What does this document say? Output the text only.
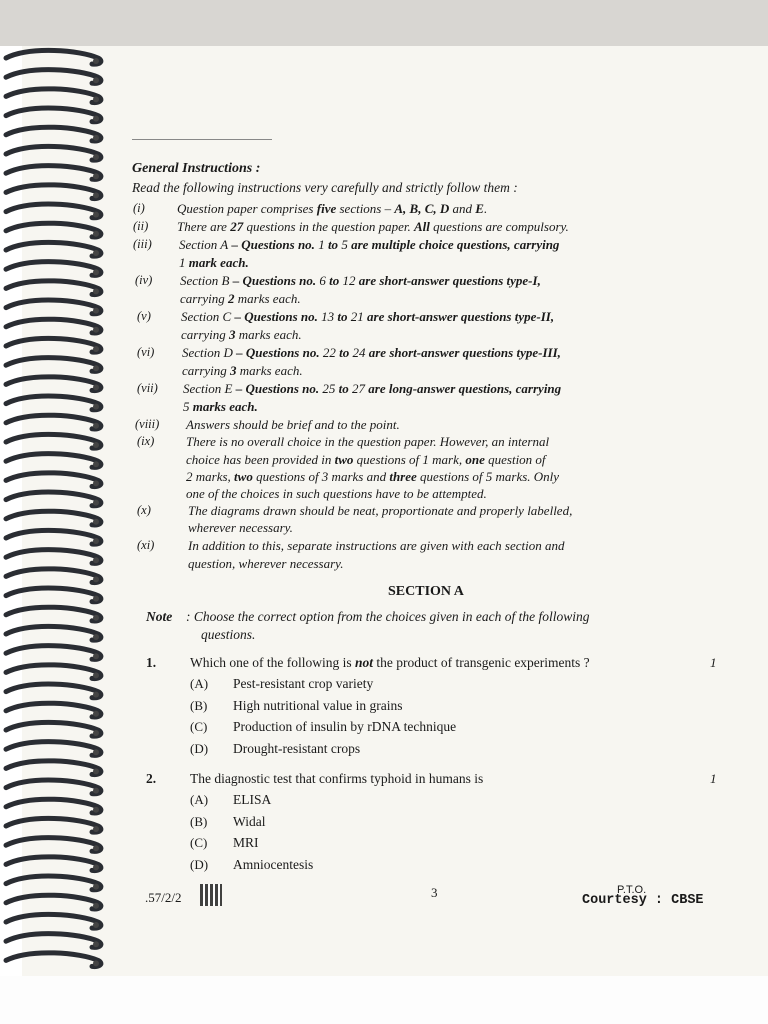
General Instructions :
Read the following instructions very carefully and strictly follow them :
(i) Question paper comprises five sections – A, B, C, D and E.
(ii) There are 27 questions in the question paper. All questions are compulsory.
(iii) Section A – Questions no. 1 to 5 are multiple choice questions, carrying
1 mark each.
(iv) Section B – Questions no. 6 to 12 are short-answer questions type-I,
carrying 2 marks each.
(v) Section C – Questions no. 13 to 21 are short-answer questions type-II,
carrying 3 marks each.
(vi) Section D – Questions no. 22 to 24 are short-answer questions type-III,
carrying 3 marks each.
(vii) Section E – Questions no. 25 to 27 are long-answer questions, carrying
5 marks each.
(viii) Answers should be brief and to the point.
(ix) There is no overall choice in the question paper. However, an internal
choice has been provided in two questions of 1 mark, one question of
2 marks, two questions of 3 marks and three questions of 5 marks. Only
one of the choices in such questions have to be attempted.
(x)	The diagrams drawn should be neat, proportionate and properly labelled,
wherever necessary.
(xi)	In addition to this, separate instructions are given with each section and
question, wherever necessary.
SECTION A
Note : Choose the correct option from the choices given in each of the following
questions.
1.	Which one of the following is not the product of transgenic experiments ?	1
(A) Pest-resistant crop variety
(B) High nutritional value in grains
(C) Production of insulin by rDNA technique
(D) Drought-resistant crops
2.	The diagnostic test that confirms typhoid in humans is	1
(A) ELISA
(B) Widal
(C) MRI
(D) Amniocentesis
.57/2/2	3	P.T.O.
Courtesy : CBSE
